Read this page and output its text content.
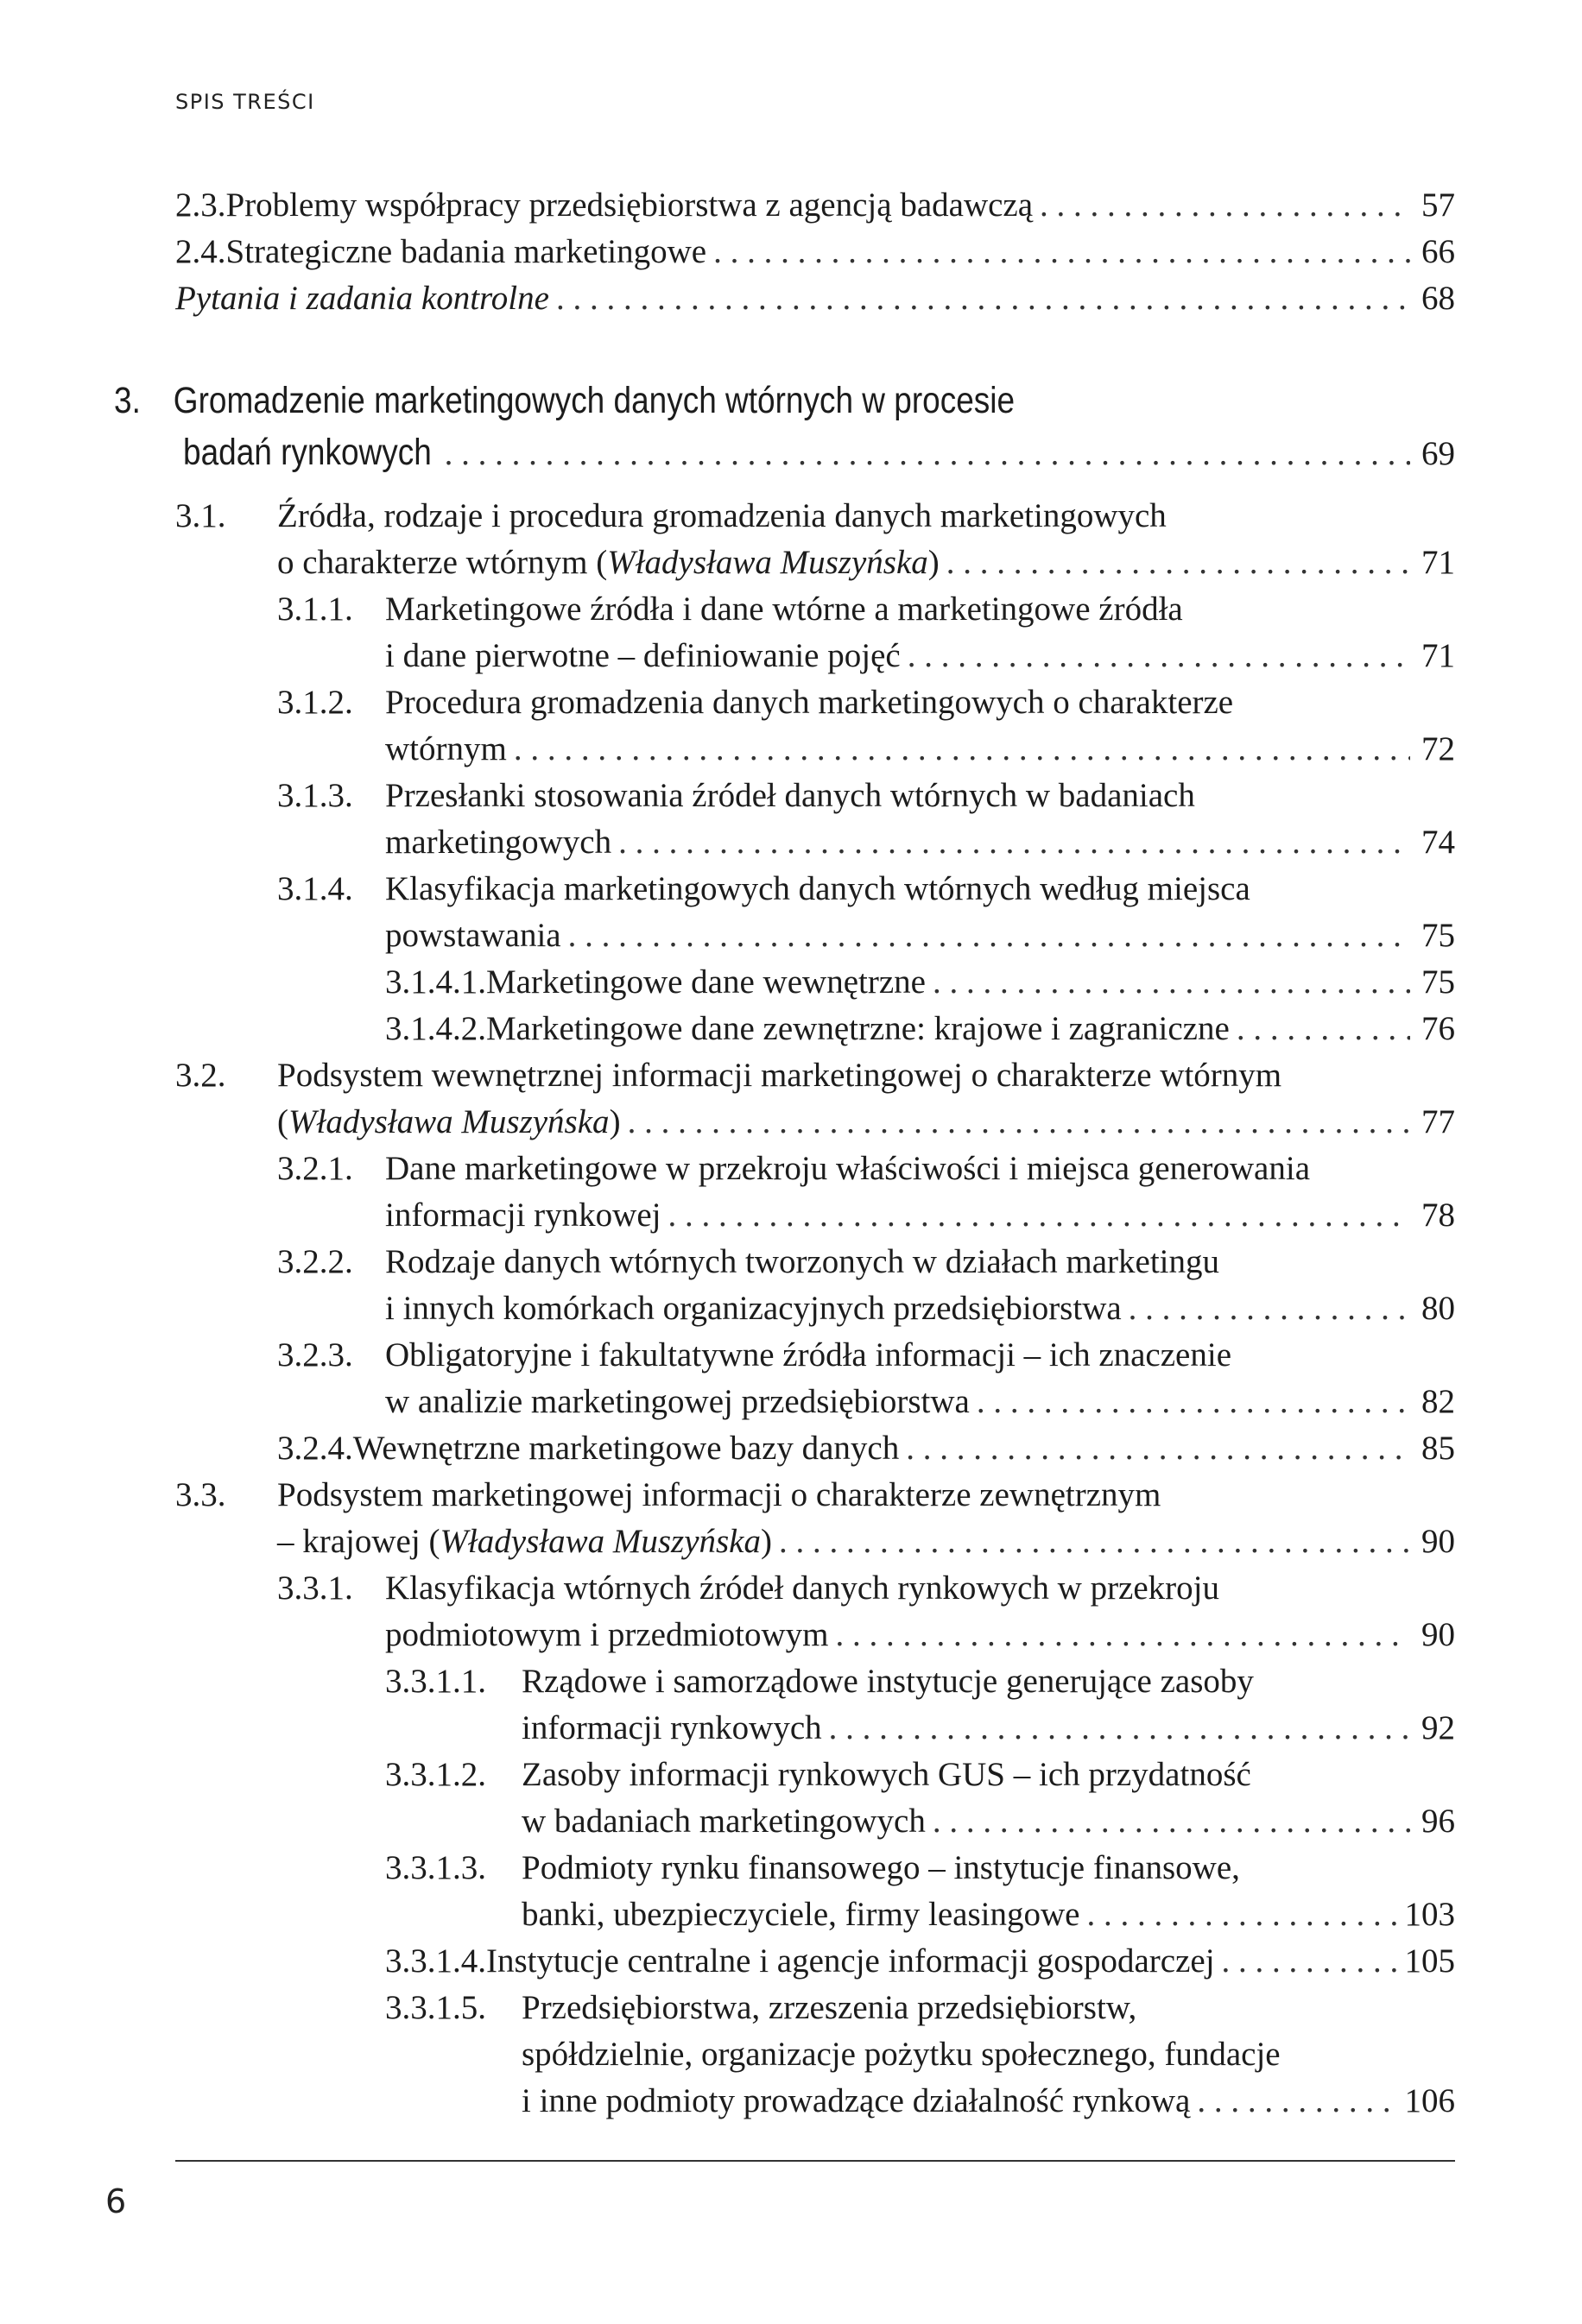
SPIS TREŚCI
2.3. Problemy współpracy przedsiębiorstwa z agencją badawczą . . .	57
2.4. Strategiczne badania marketingowe . . .	66
Pytania i zadania kontrolne . . .	68
3. Gromadzenie marketingowych danych wtórnych w procesie
badań rynkowych . . .	69
3.1.	Źródła, rodzaje i procedura gromadzenia danych marketingowych
o charakterze wtórnym (Władysława Muszyńska) . . .	71
3.1.1. Marketingowe źródła i dane wtórne a marketingowe źródła
i dane pierwotne – definiowanie pojęć . . .	71
3.1.2. Procedura gromadzenia danych marketingowych o charakterze
wtórnym . . .	72
3.1.3. Przesłanki stosowania źródeł danych wtórnych w badaniach
marketingowych . . .	74
3.1.4. Klasyfikacja marketingowych danych wtórnych według miejsca
powstawania . . .	75
3.1.4.1. Marketingowe dane wewnętrzne . . .	75
3.1.4.2. Marketingowe dane zewnętrzne: krajowe i zagraniczne . . .	76
3.2.	Podsystem wewnętrznej informacji marketingowej o charakterze wtórnym
(Władysława Muszyńska) . . .	77
3.2.1. Dane marketingowe w przekroju właściwości i miejsca generowania
informacji rynkowej . . .	78
3.2.2. Rodzaje danych wtórnych tworzonych w działach marketingu
i innych komórkach organizacyjnych przedsiębiorstwa . . .	80
3.2.3. Obligatoryjne i fakultatywne źródła informacji – ich znaczenie
w analizie marketingowej przedsiębiorstwa . . .	82
3.2.4. Wewnętrzne marketingowe bazy danych . . .	85
3.3.	Podsystem marketingowej informacji o charakterze zewnętrznym
– krajowej (Władysława Muszyńska) . . .	90
3.3.1. Klasyfikacja wtórnych źródeł danych rynkowych w przekroju
podmiotowym i przedmiotowym . . .	90
3.3.1.1.	Rządowe i samorządowe instytucje generujące zasoby
informacji rynkowych . . .	92
3.3.1.2.	Zasoby informacji rynkowych GUS – ich przydatność
w badaniach marketingowych . . .	96
3.3.1.3.	Podmioty rynku finansowego – instytucje finansowe,
banki, ubezpieczyciele, firmy leasingowe . . .	103
3.3.1.4. Instytucje centralne i agencje informacji gospodarczej . . .	105
3.3.1.5.	Przedsiębiorstwa, zrzeszenia przedsiębiorstw,
spółdzielnie, organizacje pożytku społecznego, fundacje
i inne podmioty prowadzące działalność rynkową . . .	106
6
